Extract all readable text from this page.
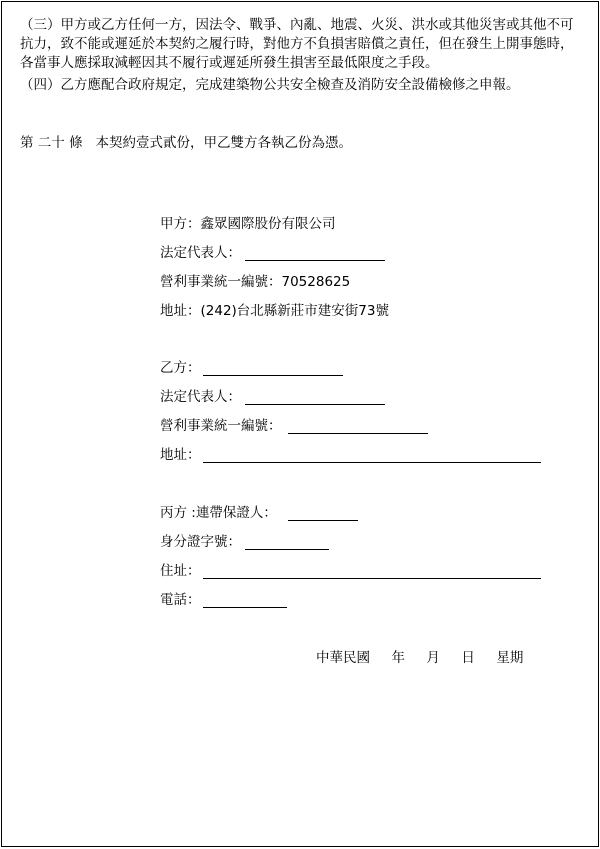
（三）甲方或乙方任何一方，因法令、戰爭、內亂、地震、火災、洪水或其他災害或其他不可抗力，致不能或遲延於本契約之履行時，對他方不負損害賠償之責任，但在發生上開事態時，各當事人應採取減輕因其不履行或遲延所發生損害至最低限度之手段。
（四）乙方應配合政府規定，完成建築物公共安全檢查及消防安全設備檢修之申報。
第 二十 條   本契約壹式貳份，甲乙雙方各執乙份為憑。
甲方：鑫眾國際股份有限公司
法定代表人：
營利事業統一編號：70528625
地址：(242)台北縣新莊市建安街73號
乙方：
法定代表人：
營利事業統一編號：
地址：
丙方 :連帶保證人：
身分證字號：
住址：
電話：
中華民國     年     月     日     星期
